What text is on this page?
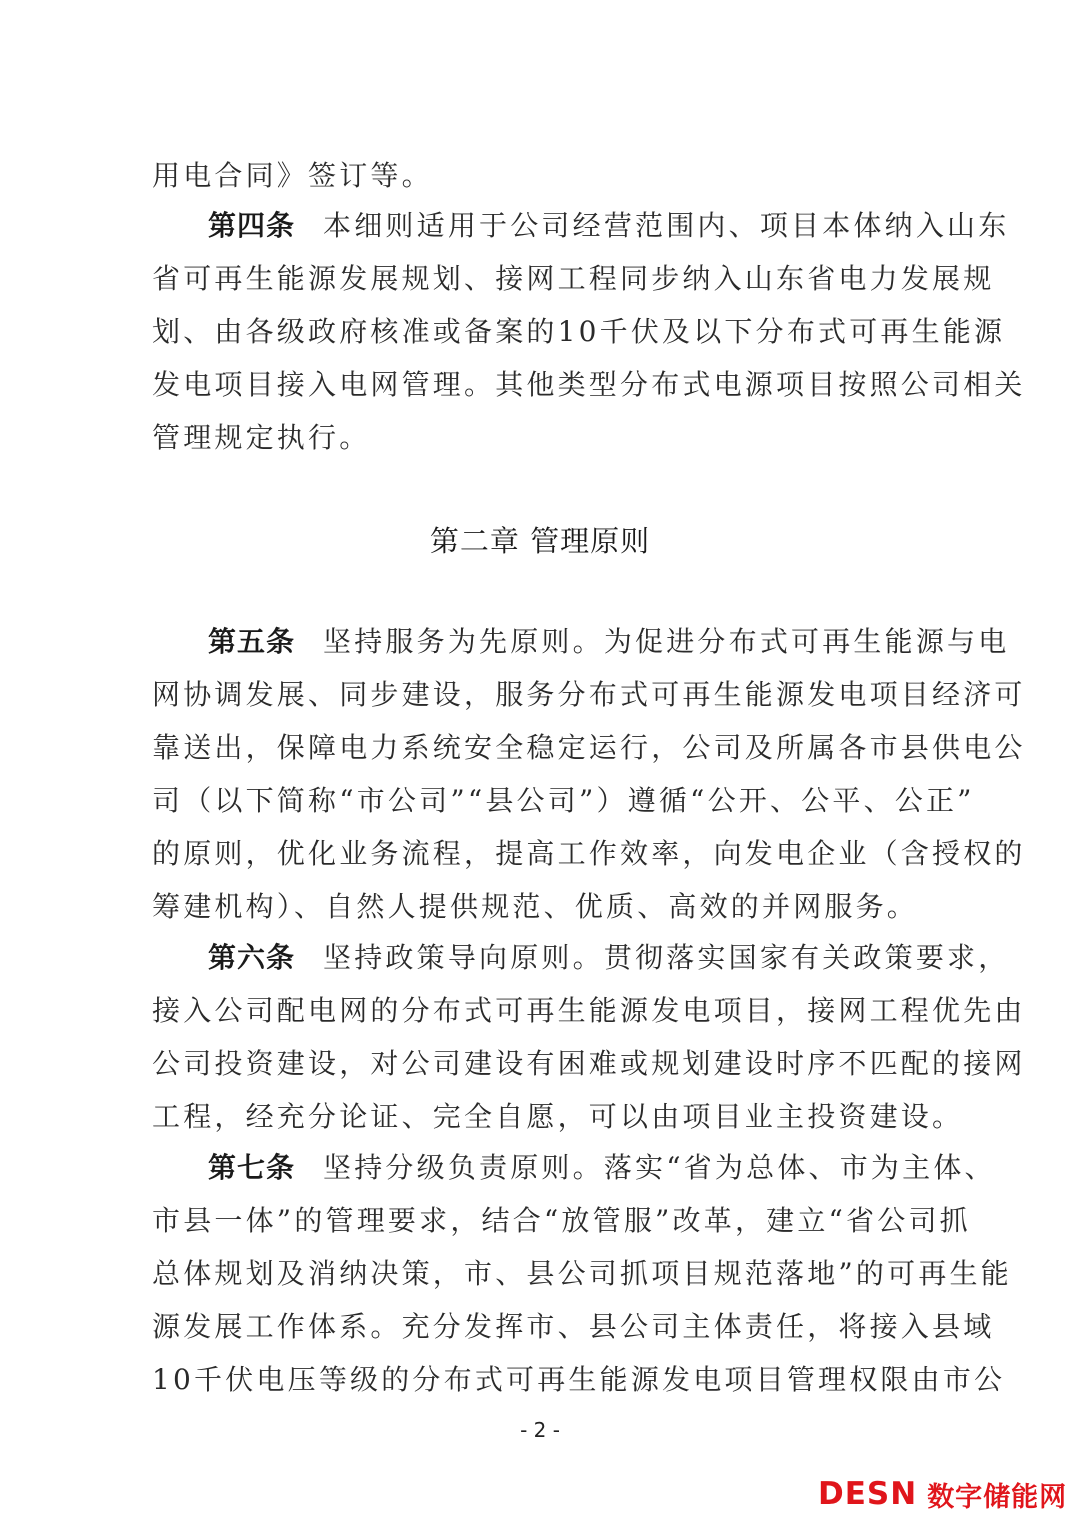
用电合同》签订等。
第四条 本细则适用于公司经营范围内、项目本体纳入山东
省可再生能源发展规划、接网工程同步纳入山东省电力发展规
划、由各级政府核准或备案的10千伏及以下分布式可再生能源
发电项目接入电网管理。其他类型分布式电源项目按照公司相关
管理规定执行。
第二章 管理原则
第五条 坚持服务为先原则。为促进分布式可再生能源与电
网协调发展、同步建设，服务分布式可再生能源发电项目经济可
靠送出，保障电力系统安全稳定运行，公司及所属各市县供电公
司（以下简称“市公司”“县公司”）遵循“公开、公平、公正”
的原则，优化业务流程，提高工作效率，向发电企业（含授权的
筹建机构）、自然人提供规范、优质、高效的并网服务。
第六条 坚持政策导向原则。贯彻落实国家有关政策要求，
接入公司配电网的分布式可再生能源发电项目，接网工程优先由
公司投资建设，对公司建设有困难或规划建设时序不匹配的接网
工程，经充分论证、完全自愿，可以由项目业主投资建设。
第七条 坚持分级负责原则。落实“省为总体、市为主体、
市县一体”的管理要求，结合“放管服”改革，建立“省公司抓
总体规划及消纳决策，市、县公司抓项目规范落地”的可再生能
源发展工作体系。充分发挥市、县公司主体责任，将接入县域
10千伏电压等级的分布式可再生能源发电项目管理权限由市公
- 2 -
DESN 数字储能网
